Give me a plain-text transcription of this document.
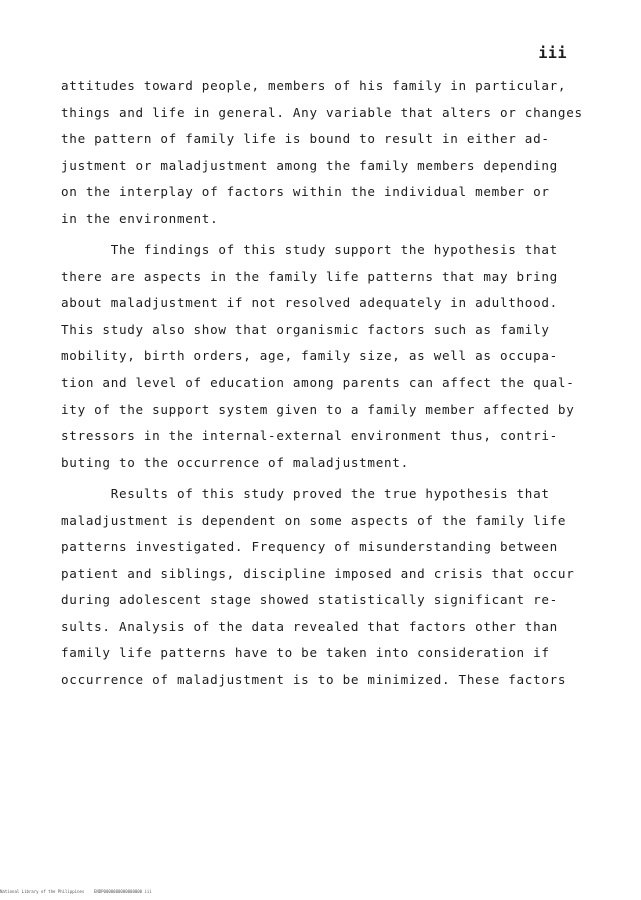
iii
attitudes toward people, members of his family in particular,
things and life in general. Any variable that alters or changes
the pattern of family life is bound to result in either ad-
justment or maladjustment among the family members depending
on the interplay of factors within the individual member or
in the environment.
The findings of this study support the hypothesis that
there are aspects in the family life patterns that may bring
about maladjustment if not resolved adequately in adulthood.
This study also show that organismic factors such as family
mobility, birth orders, age, family size, as well as occupa-
tion and level of education among parents can affect the qual-
ity of the support system given to a family member affected by
stressors in the internal-external environment thus, contri-
buting to the occurrence of maladjustment.
Results of this study proved the true hypothesis that
maladjustment is dependent on some aspects of the family life
patterns investigated. Frequency of misunderstanding between
patient and siblings, discipline imposed and crisis that occur
during adolescent stage showed statistically significant re-
sults. Analysis of the data revealed that factors other than
family life patterns have to be taken into consideration if
occurrence of maladjustment is to be minimized. These factors
National Library of the Philippines    ENDP0000000000000000 iii
